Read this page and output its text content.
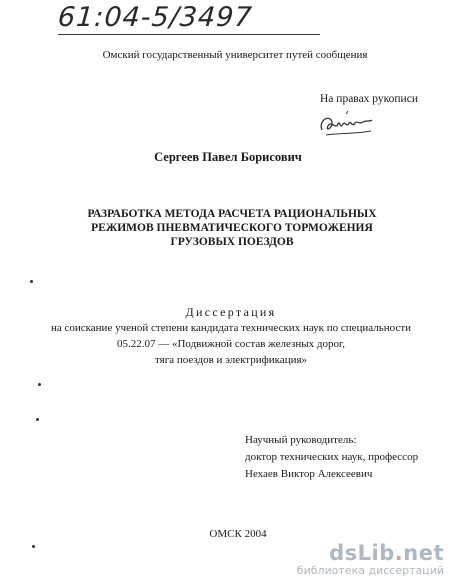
61:04-5/3497
Омский государственный университет путей сообщения
На правах рукописи
Сергеев Павел Борисович
РАЗРАБОТКА МЕТОДА РАСЧЕТА РАЦИОНАЛЬНЫХ
РЕЖИМОВ ПНЕВМАТИЧЕСКОГО ТОРМОЖЕНИЯ
ГРУЗОВЫХ ПОЕЗДОВ
Диссертация
на соискание ученой степени кандидата технических наук по специальности
05.22.07 — «Подвижной состав железных дорог,
тяга поездов и электрификация»
Научный руководитель:
доктор технических наук, профессор
Нехаев Виктор Алексеевич
ОМСК 2004
dsLib.net
библиотека диссертаций
